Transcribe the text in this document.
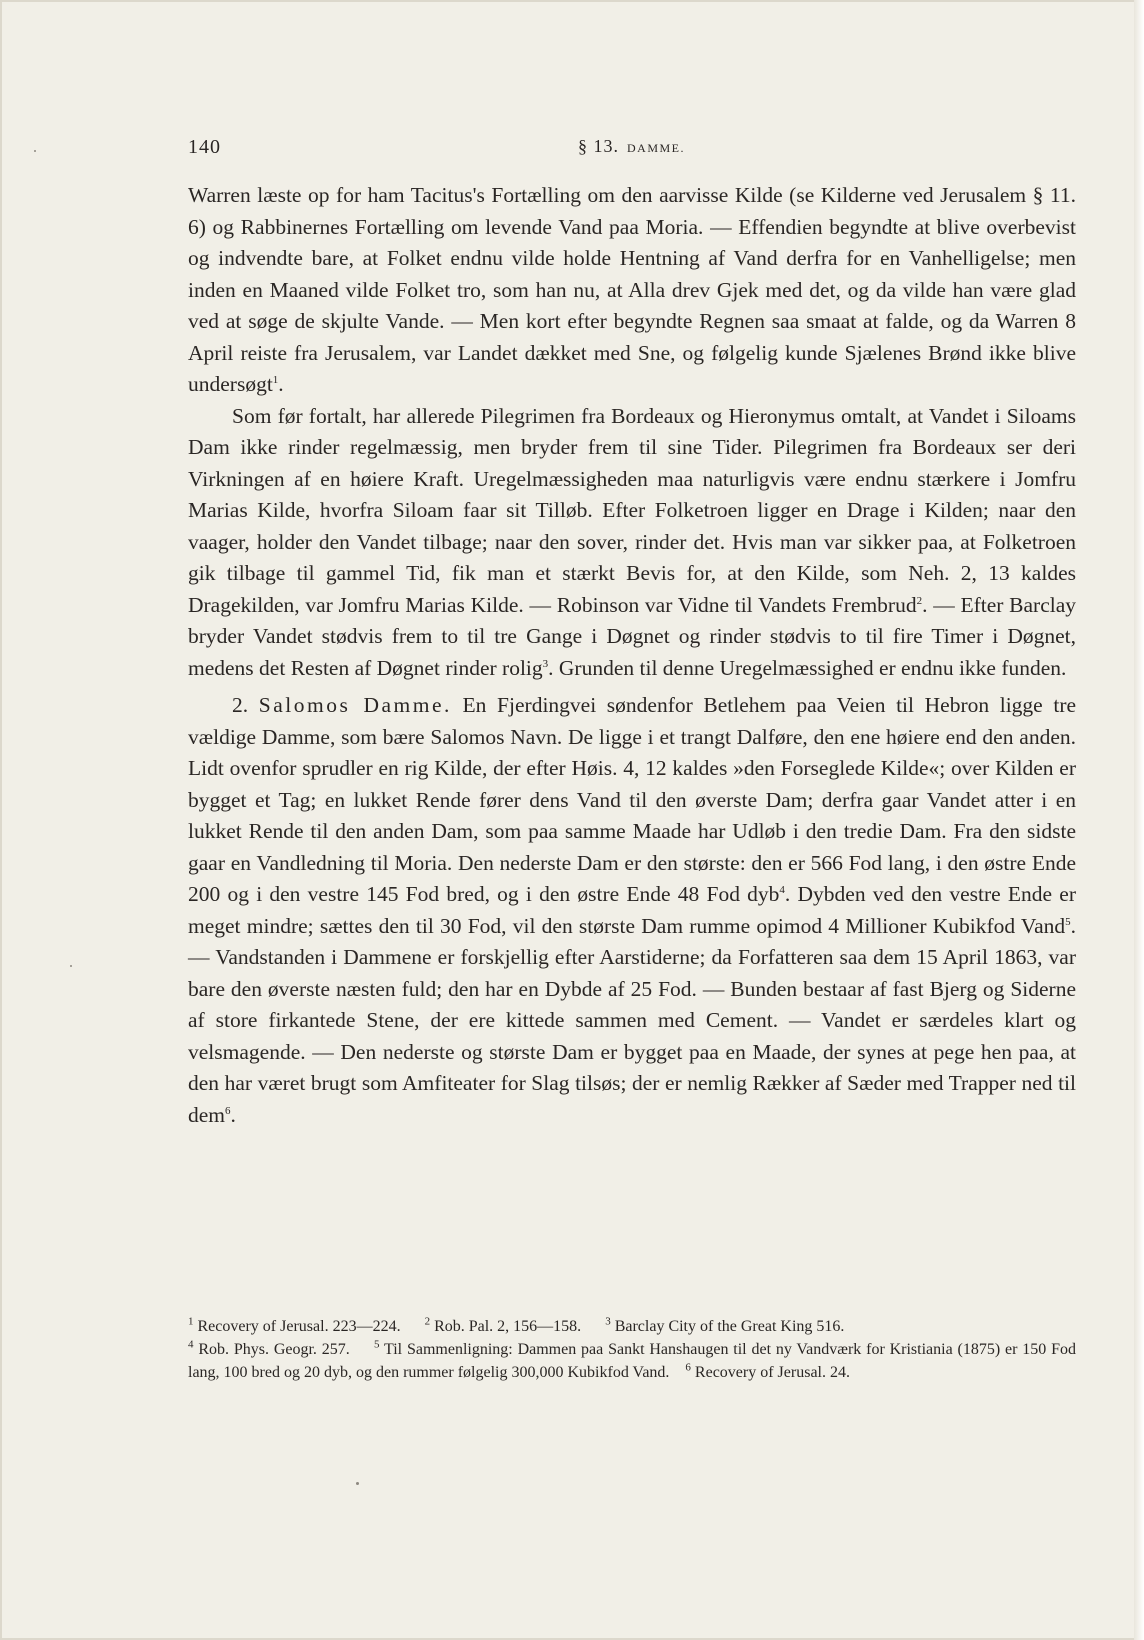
140	§ 13. DAMME.

Warren læste op for ham Tacitus's Fortælling om den aarvisse Kilde (se Kilderne ved Jerusalem § 11. 6) og Rabbinernes Fortælling om levende Vand paa Moria. — Effendien begyndte at blive overbevist og indvendte bare, at Folket endnu vilde holde Hentning af Vand derfra for en Vanhelligelse; men inden en Maaned vilde Folket tro, som han nu, at Alla drev Gjek med det, og da vilde han være glad ved at søge de skjulte Vande. — Men kort efter begyndte Regnen saa smaat at falde, og da Warren 8 April reiste fra Jerusalem, var Landet dækket med Sne, og følgelig kunde Sjælenes Brønd ikke blive undersøgt$^1$.

Som før fortalt, har allerede Pilegrimen fra Bordeaux og Hieronymus omtalt, at Vandet i Siloams Dam ikke rinder regelmæssig, men bryder frem til sine Tider. Pilegrimen fra Bordeaux ser deri Virkningen af en høiere Kraft. Uregelmæssigheden maa naturligvis være endnu stærkere i Jomfru Marias Kilde, hvorfra Siloam faar sit Tilløb. Efter Folketroen ligger en Drage i Kilden; naar den vaager, holder den Vandet tilbage; naar den sover, rinder det. Hvis man var sikker paa, at Folketroen gik tilbage til gammel Tid, fik man et stærkt Bevis for, at den Kilde, som Neh. 2, 13 kaldes Dragekilden, var Jomfru Marias Kilde. — Robinson var Vidne til Vandets Frembrud$^2$. — Efter Barclay bryder Vandet stødvis frem to til tre Gange i Døgnet og rinder stødvis to til fire Timer i Døgnet, medens det Resten af Døgnet rinder rolig$^3$. Grunden til denne Uregelmæssighed er endnu ikke funden.

2. Salomos Damme. En Fjerdingvei søndenfor Betlehem paa Veien til Hebron ligge tre vældige Damme, som bære Salomos Navn. De ligge i et trangt Dalføre, den ene høiere end den anden. Lidt ovenfor sprudler en rig Kilde, der efter Høis. 4, 12 kaldes »den Forseglede Kilde«; over Kilden er bygget et Tag; en lukket Rende fører dens Vand til den øverste Dam; derfra gaar Vandet atter i en lukket Rende til den anden Dam, som paa samme Maade har Udløb i den tredie Dam. Fra den sidste gaar en Vandledning til Moria. Den nederste Dam er den største: den er 566 Fod lang, i den østre Ende 200 og i den vestre 145 Fod bred, og i den østre Ende 48 Fod dyb$^4$. Dybden ved den vestre Ende er meget mindre; sættes den til 30 Fod, vil den største Dam rumme opimod 4 Millioner Kubikfod Vand$^5$. — Vandstanden i Dammene er forskjellig efter Aarstiderne; da Forfatteren saa dem 15 April 1863, var bare den øverste næsten fuld; den har en Dybde af 25 Fod. — Bunden bestaar af fast Bjerg og Siderne af store firkantede Stene, der ere kittede sammen med Cement. — Vandet er særdeles klart og velsmagende. — Den nederste og største Dam er bygget paa en Maade, der synes at pege hen paa, at den har været brugt som Amfiteater for Slag tilsøs; der er nemlig Rækker af Sæder med Trapper ned til dem$^6$.

$^1$ Recovery of Jerusal. 223—224. $^2$ Rob. Pal. 2, 156—158. $^3$ Barclay City of the Great King 516.

$^4$ Rob. Phys. Geogr. 257. $^5$ Til Sammenligning: Dammen paa Sankt Hanshaugen til det ny Vandværk for Kristiania (1875) er 150 Fod lang, 100 bred og 20 dyb, og den rummer følgelig 300,000 Kubikfod Vand. $^6$ Recovery of Jerusal. 24.
